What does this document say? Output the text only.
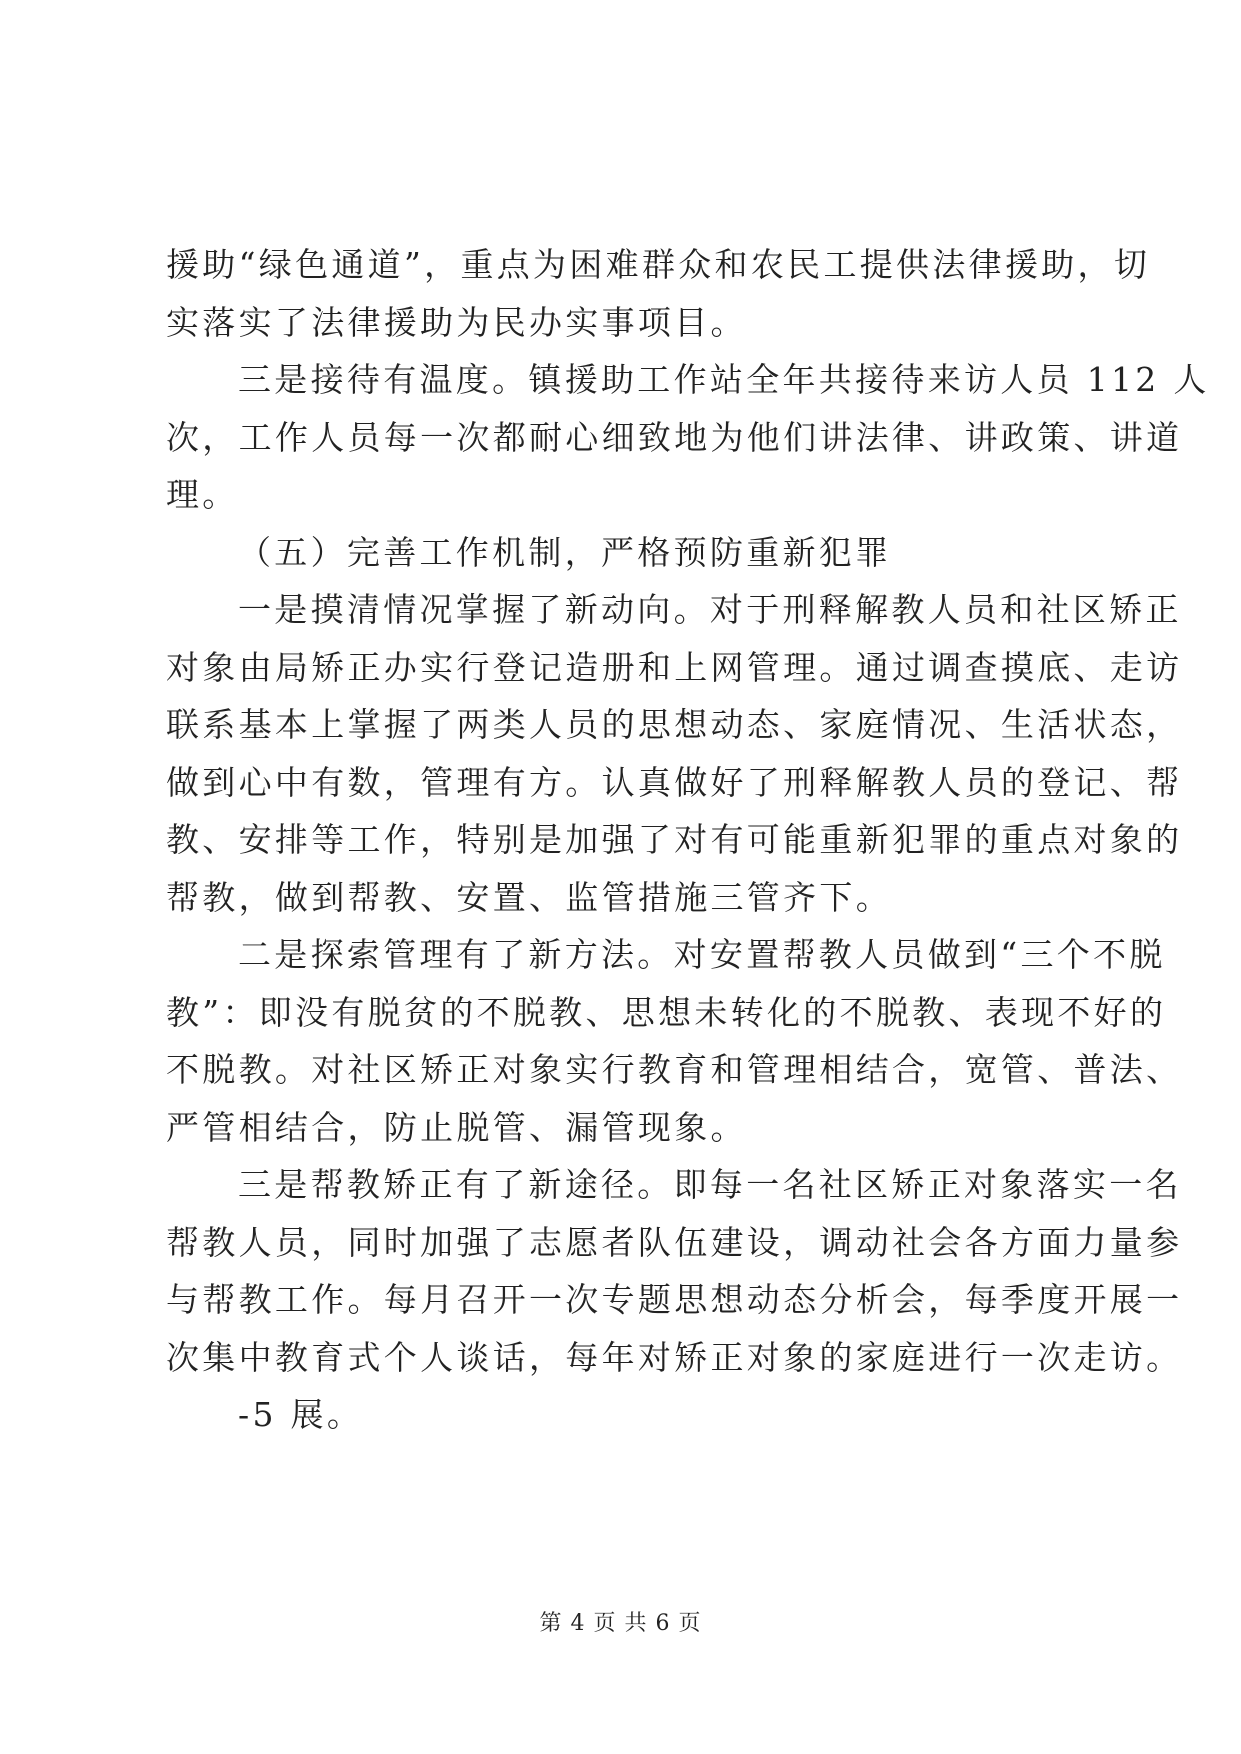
援助“绿色通道”，重点为困难群众和农民工提供法律援助，切
实落实了法律援助为民办实事项目。
三是接待有温度。镇援助工作站全年共接待来访人员 112 人
次，工作人员每一次都耐心细致地为他们讲法律、讲政策、讲道
理。
（五）完善工作机制，严格预防重新犯罪
一是摸清情况掌握了新动向。对于刑释解教人员和社区矫正
对象由局矫正办实行登记造册和上网管理。通过调查摸底、走访
联系基本上掌握了两类人员的思想动态、家庭情况、生活状态，
做到心中有数，管理有方。认真做好了刑释解教人员的登记、帮
教、安排等工作，特别是加强了对有可能重新犯罪的重点对象的
帮教，做到帮教、安置、监管措施三管齐下。
二是探索管理有了新方法。对安置帮教人员做到“三个不脱
教”：即没有脱贫的不脱教、思想未转化的不脱教、表现不好的
不脱教。对社区矫正对象实行教育和管理相结合，宽管、普法、
严管相结合，防止脱管、漏管现象。
三是帮教矫正有了新途径。即每一名社区矫正对象落实一名
帮教人员，同时加强了志愿者队伍建设，调动社会各方面力量参
与帮教工作。每月召开一次专题思想动态分析会，每季度开展一
次集中教育式个人谈话，每年对矫正对象的家庭进行一次走访。
-5 展。
第 4 页 共 6 页
